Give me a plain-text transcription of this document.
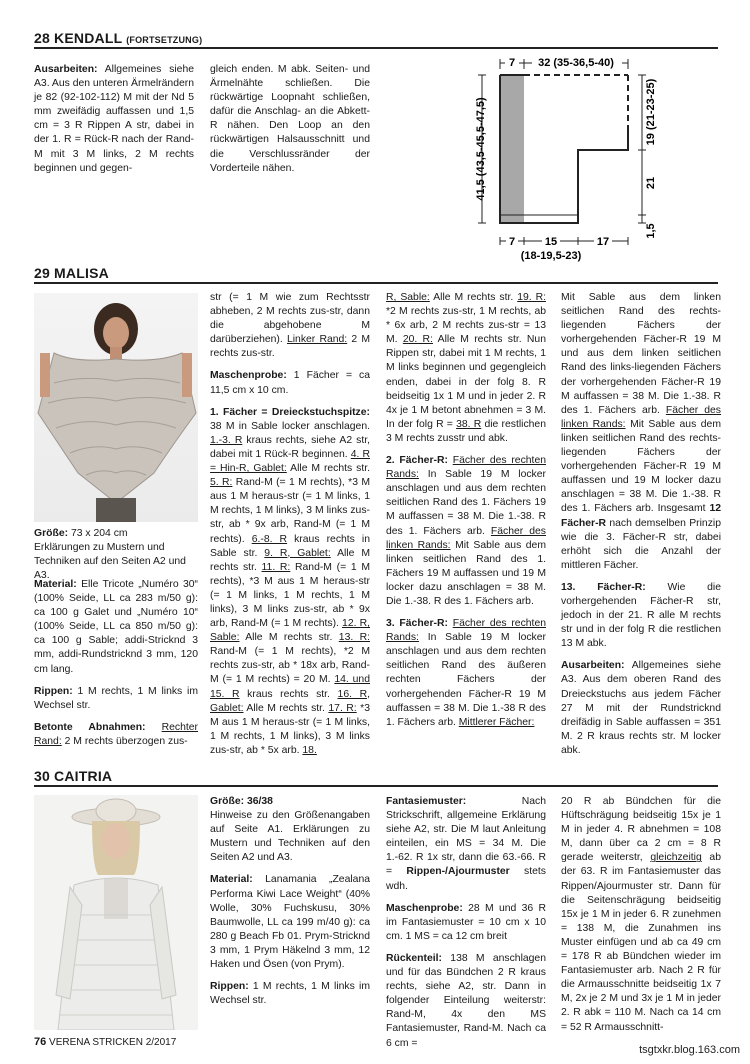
28 KENDALL (FORTSETZUNG)
Ausarbeiten: Allgemeines siehe A3. Aus den unteren Ärmelrändern je 82 (92-102-112) M mit der Nd 5 mm zweifädig auffassen und 1,5 cm = 3 R Rippen A str, dabei in der 1. R = Rück-R nach der Rand-M mit 3 M links, 2 M rechts beginnen und gegen-
gleich enden. M abk. Seiten- und Ärmelnähte schließen. Die rückwärtige Loopnaht schließen, dafür die Anschlag- an die Abkett-R nähen. Den Loop an den rückwärtigen Halsausschnitt und die Verschlussränder der Vorderteile nähen.
7 32 (35-36,5-40)
41,5 (43,5-45,5-47,5)	19 (21-23-25)
21
1,5
7	15	17
(18-19,5-23)
29 MALISA
Größe: 73 x 204 cm
Erklärungen zu Mustern und Techniken auf den Seiten A2 und A3.

Material: Elle Tricote „Numéro 30“ (100% Seide, LL ca 283 m/50 g): ca 100 g Galet und „Numéro 10“ (100% Seide, LL ca 850 m/50 g): ca 100 g Sable; addi-Stricknd 3 mm, addi-Rundstricknd 3 mm, 120 cm lang.

Rippen: 1 M rechts, 1 M links im Wechsel str.

Betonte Abnahmen: Rechter Rand: 2 M rechts überzogen zus-

str (= 1 M wie zum Rechtsstr abheben, 2 M rechts zus-str, dann die abgehobene M darüberziehen). Linker Rand: 2 M rechts zus-str.

Maschenprobe: 1 Fächer = ca 11,5 cm x 10 cm.

1. Fächer = Dreieckstuchspitze: 38 M in Sable locker anschlagen. 1.-3. R kraus rechts, siehe A2 str, dabei mit 1 Rück-R beginnen. 4. R = Hin-R, Gablet: Alle M rechts str. 5. R: Rand-M (= 1 M rechts), *3 M aus 1 M heraus-str (= 1 M links, 1 M rechts, 1 M links), 3 M links zus-str, ab * 9x arb, Rand-M (= 1 M rechts). 6.-8. R kraus rechts in Sable str. 9. R, Gablet: Alle M rechts str. 11. R: Rand-M (= 1 M rechts), *3 M aus 1 M heraus-str (= 1 M links, 1 M rechts, 1 M links), 3 M links zus-str, ab * 9x arb, Rand-M (= 1 M rechts). 12. R, Sable: Alle M rechts str. 13. R: Rand-M (= 1 M rechts), *2 M rechts zus-str, ab * 18x arb, Rand-M (= 1 M rechts) = 20 M. 14. und 15. R kraus rechts str. 16. R, Gablet: Alle M rechts str. 17. R: *3 M aus 1 M heraus-str (= 1 M links, 1 M rechts, 1 M links), 3 M links zus-str, ab * 5x arb. 18.

R, Sable: Alle M rechts str. 19. R: *2 M rechts zus-str, 1 M rechts, ab * 6x arb, 2 M rechts zus-str = 13 M. 20. R: Alle M rechts str. Nun Rippen str, dabei mit 1 M rechts, 1 M links beginnen und gegengleich enden, dabei in der folg 8. R beidseitig 1x 1 M und in jeder 2. R 4x je 1 M betont abnehmen = 3 M. In der folg R = 38. R die restlichen 3 M rechts zusstr und abk.

2. Fächer-R: Fächer des rechten Rands: In Sable 19 M locker anschlagen und aus dem rechten seitlichen Rand des 1. Fächers 19 M auffassen = 38 M. Die 1.-38. R des 1. Fächers arb. Fächer des linken Rands: Mit Sable aus dem linken seitlichen Rand des 1. Fächers 19 M auffassen und 19 M locker dazu anschlagen = 38 M. Die 1.-38. R des 1. Fächers arb.

3. Fächer-R: Fächer des rechten Rands: In Sable 19 M locker anschlagen und aus dem rechten seitlichen Rand des äußeren rechten Fächers der vorhergehenden Fächer-R 19 M auffassen = 38 M. Die 1.-38 R des 1. Fächers arb. Mittlerer Fächer:

Mit Sable aus dem linken seitlichen Rand des rechts-liegenden Fächers der vorhergehenden Fächer-R 19 M und aus dem linken seitlichen Rand des links-liegenden Fächers der vorhergehenden Fächer-R 19 M auffassen = 38 M. Die 1.-38. R des 1. Fächers arb. Fächer des linken Rands: Mit Sable aus dem linken seitlichen Rand des rechts-liegenden Fächers der vorhergehenden Fächer-R 19 M auffassen und 19 M locker dazu anschlagen = 38 M. Die 1.-38. R des 1. Fächers arb. Insgesamt 12 Fächer-R nach demselben Prinzip wie die 3. Fächer-R str, dabei erhöht sich die Anzahl der mittleren Fächer.

13. Fächer-R: Wie die vorhergehenden Fächer-R str, jedoch in der 21. R alle M rechts str und in der folg R die restlichen 13 M abk.

Ausarbeiten: Allgemeines siehe A3. Aus dem oberen Rand des Dreieckstuchs aus jedem Fächer 27 M mit der Rundstricknd dreifädig in Sable auffassen = 351 M. 2 R kraus rechts str. M locker abk.

30 CAITRIA

Größe: 36/38
Hinweise zu den Größenangaben auf Seite A1. Erklärungen zu Mustern und Techniken auf den Seiten A2 und A3.

Material: Lanamania „Zealana Performa Kiwi Lace Weight“ (40% Wolle, 30% Fuchskusu, 30% Baumwolle, LL ca 199 m/40 g): ca 280 g Beach Fb 01. Prym-Stricknd 3 mm, 1 Prym Häkelnd 3 mm, 12 Haken und Ösen (von Prym).

Rippen: 1 M rechts, 1 M links im Wechsel str.

Fantasiemuster: Nach Strickschrift, allgemeine Erklärung siehe A2, str. Die M laut Anleitung einteilen, ein MS = 34 M. Die 1.-62. R 1x str, dann die 63.-66. R = Rippen-/Ajourmuster stets wdh.

Maschenprobe: 28 M und 36 R im Fantasiemuster = 10 cm x 10 cm. 1 MS = ca 12 cm breit

Rückenteil: 138 M anschlagen und für das Bündchen 2 R kraus rechts, siehe A2, str. Dann in folgender Einteilung weiterstr: Rand-M, 4x den MS Fantasiemuster, Rand-M. Nach ca 6 cm =

20 R ab Bündchen für die Hüftschrägung beidseitig 15x je 1 M in jeder 4. R abnehmen = 108 M, dann über ca 2 cm = 8 R gerade weiterstr, gleichzeitig ab der 63. R im Fantasiemuster das Rippen/Ajourmuster str. Dann für die Seitenschrägung beidseitig 15x je 1 M in jeder 6. R zunehmen = 138 M, die Zunahmen ins Muster einfügen und ab ca 49 cm = 178 R ab Bündchen wieder im Fantasiemuster arb. Nach 2 R für die Armausschnitte beidseitig 1x 7 M, 2x je 2 M und 3x je 1 M in jeder 2. R abk = 110 M. Nach ca 14 cm = 52 R Armausschnitt-

76 VERENA STRICKEN 2/2017
tsgtxkr.blog.163.com
